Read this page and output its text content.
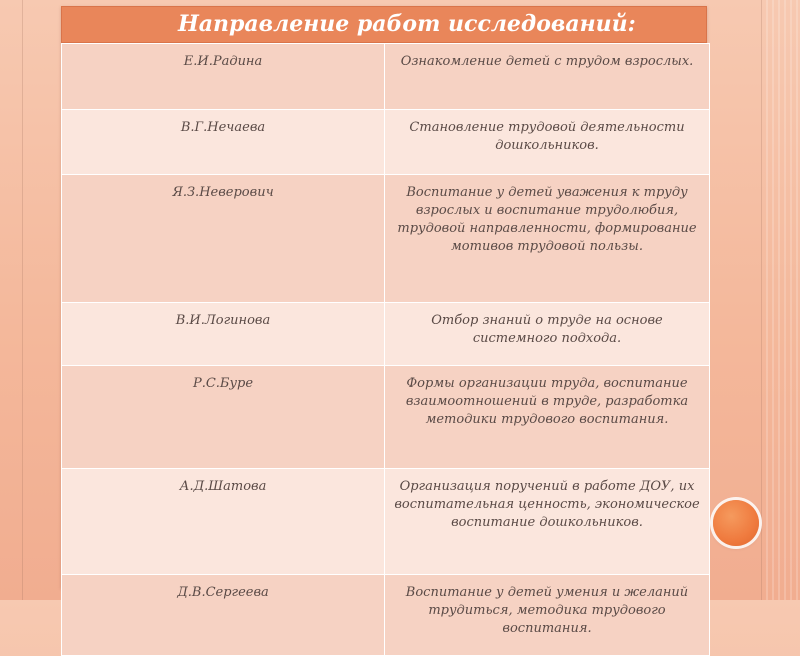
Направление работ исследований:
Е.И.Радина	Ознакомление детей с трудом взрослых.

В.Г.Нечаева	Становление трудовой деятельности дошкольников.

Я.З.Неверович	Воспитание у детей уважения к труду взрослых и воспитание трудолюбия, трудовой направленности, формирование мотивов трудовой пользы.

В.И.Логинова	Отбор знаний о труде на основе системного подхода.

Р.С.Буре	Формы организации труда, воспитание взаимоотношений в труде, разработка методики трудового воспитания.

А.Д.Шатова	Организация поручений в работе ДОУ, их воспитательная ценность, экономическое воспитание дошкольников.

Д.В.Сергеева	Воспитание у детей умения и желаний трудиться, методика трудового воспитания.
